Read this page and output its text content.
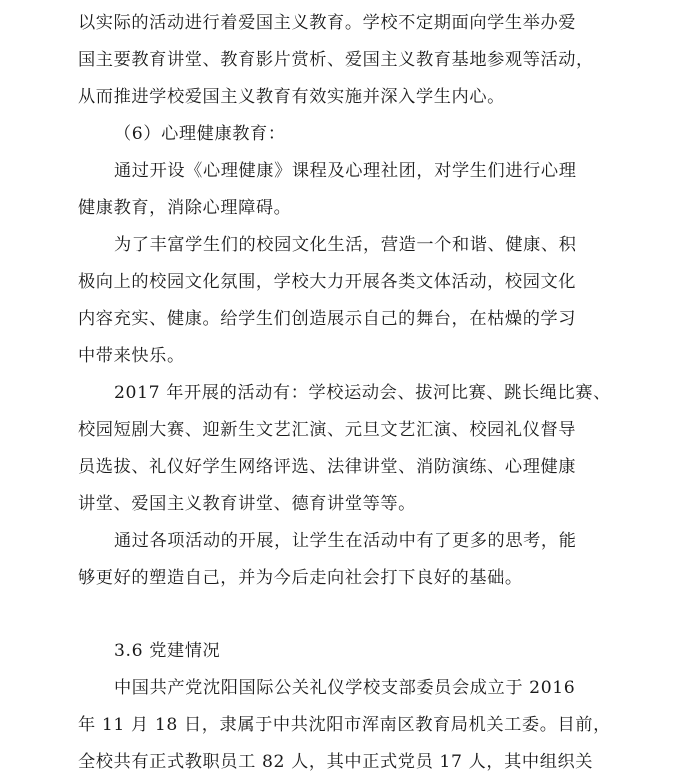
以实际的活动进行着爱国主义教育。学校不定期面向学生举办爱
国主要教育讲堂、教育影片赏析、爱国主义教育基地参观等活动，
从而推进学校爱国主义教育有效实施并深入学生内心。
（6）心理健康教育：
通过开设《心理健康》课程及心理社团，对学生们进行心理
健康教育，消除心理障碍。
为了丰富学生们的校园文化生活，营造一个和谐、健康、积
极向上的校园文化氛围，学校大力开展各类文体活动，校园文化
内容充实、健康。给学生们创造展示自己的舞台，在枯燥的学习
中带来快乐。
2017 年开展的活动有：学校运动会、拔河比赛、跳长绳比赛、
校园短剧大赛、迎新生文艺汇演、元旦文艺汇演、校园礼仪督导
员选拔、礼仪好学生网络评选、法律讲堂、消防演练、心理健康
讲堂、爱国主义教育讲堂、德育讲堂等等。
通过各项活动的开展，让学生在活动中有了更多的思考，能
够更好的塑造自己，并为今后走向社会打下良好的基础。
3.6 党建情况
中国共产党沈阳国际公关礼仪学校支部委员会成立于 2016
年 11 月 18 日，隶属于中共沈阳市浑南区教育局机关工委。目前，
全校共有正式教职员工 82 人，其中正式党员 17 人，其中组织关
